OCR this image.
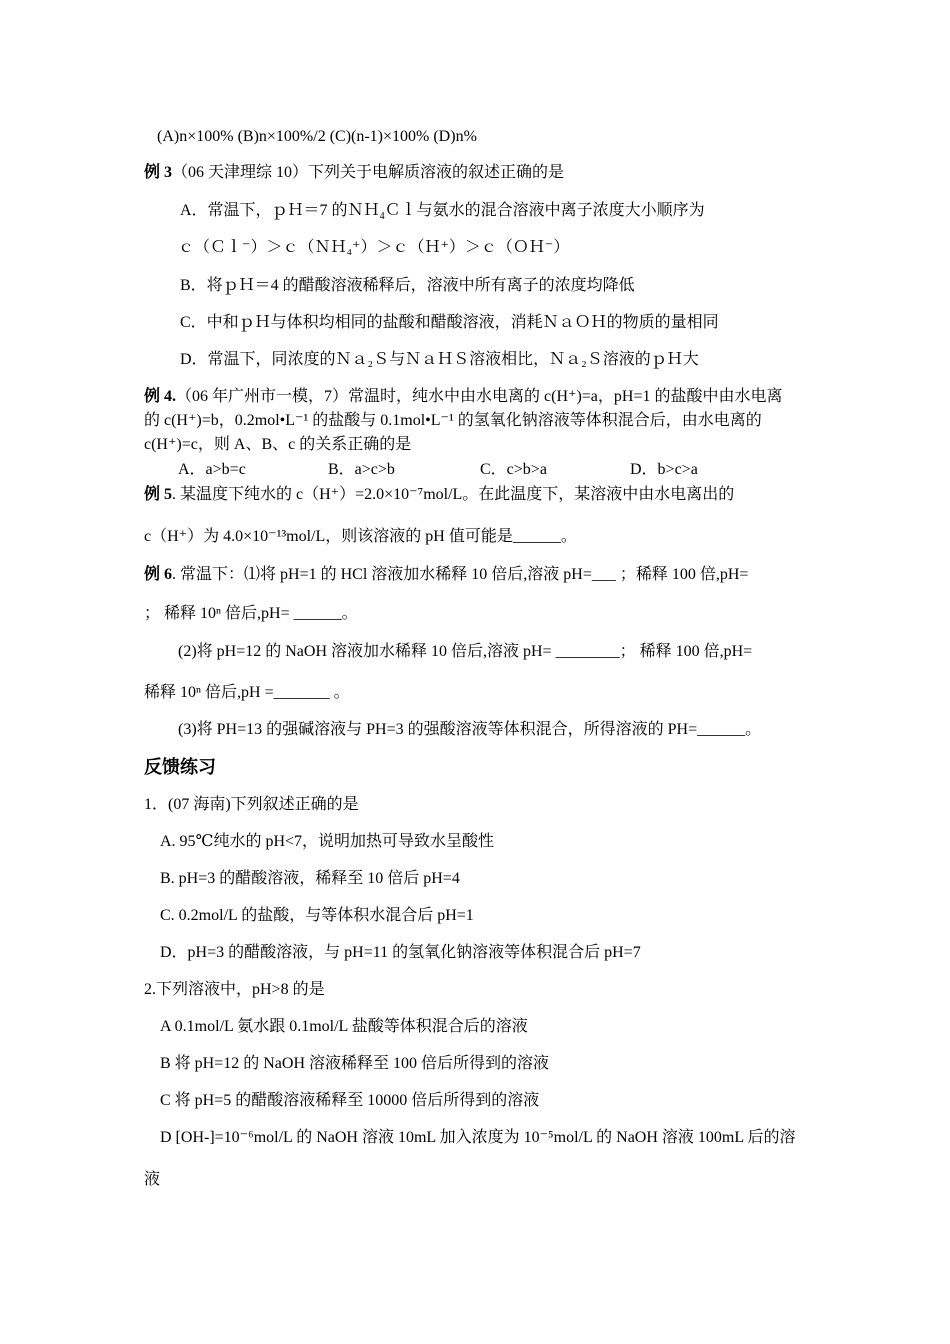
(A)n×100% (B)n×100%/2 (C)(n-1)×100% (D)n%
例 3（06 天津理综 10）下列关于电解质溶液的叙述正确的是
A．常温下，ｐＨ＝7 的ＮＨ$_4$Ｃｌ与氨水的混合溶液中离子浓度大小顺序为
ｃ（Ｃｌ⁻）＞ｃ（ＮＨ₄⁺）＞ｃ（Ｈ⁺）＞ｃ（ＯＨ⁻）
B．将ｐＨ＝4 的醋酸溶液稀释后，溶液中所有离子的浓度均降低
C．中和ｐＨ与体积均相同的盐酸和醋酸溶液，消耗ＮａＯＨ的物质的量相同
D．常温下，同浓度的Ｎａ₂Ｓ与ＮａＨＳ溶液相比，Ｎａ₂Ｓ溶液的ｐＨ大
例 4.（06 年广州市一模，7）常温时，纯水中由水电离的 c(H⁺)=a，pH=1 的盐酸中由水电离
的 c(H⁺)=b，0.2mol•L⁻¹ 的盐酸与 0.1mol•L⁻¹ 的氢氧化钠溶液等体积混合后，由水电离的
c(H⁺)=c，则 A、B、c 的关系正确的是
A．a>b=c	B．a>c>b	C．c>b>a	D．b>c>a
例 5. 某温度下纯水的 c（H⁺）=2.0×10⁻⁷mol/L。在此温度下，某溶液中由水电离出的
c（H⁺）为 4.0×10⁻¹³mol/L，则该溶液的 pH 值可能是______。
例 6. 常温下：⑴将 pH=1 的 HCl 溶液加水稀释 10 倍后,溶液 pH=___ ；稀释 100 倍,pH=
； 稀释 10ⁿ 倍后,pH= ______。
(2)将 pH=12 的 NaOH 溶液加水稀释 10 倍后,溶液 pH= ________； 稀释 100 倍,pH=
稀释 10ⁿ 倍后,pH =_______ 。
(3)将 PH=13 的强碱溶液与 PH=3 的强酸溶液等体积混合，所得溶液的 PH=______。
反馈练习
1．(07 海南)下列叙述正确的是
A. 95℃纯水的 pH<7，说明加热可导致水呈酸性
B. pH=3 的醋酸溶液，稀释至 10 倍后 pH=4
C. 0.2mol/L 的盐酸，与等体积水混合后 pH=1
D．pH=3 的醋酸溶液，与 pH=11 的氢氧化钠溶液等体积混合后 pH=7
2.下列溶液中，pH>8 的是
A 0.1mol/L 氨水跟 0.1mol/L 盐酸等体积混合后的溶液
B 将 pH=12 的 NaOH 溶液稀释至 100 倍后所得到的溶液
C 将 pH=5 的醋酸溶液稀释至 10000 倍后所得到的溶液
D [OH-]=10⁻⁶mol/L 的 NaOH 溶液 10mL 加入浓度为 10⁻⁵mol/L 的 NaOH 溶液 100mL 后的溶
液
